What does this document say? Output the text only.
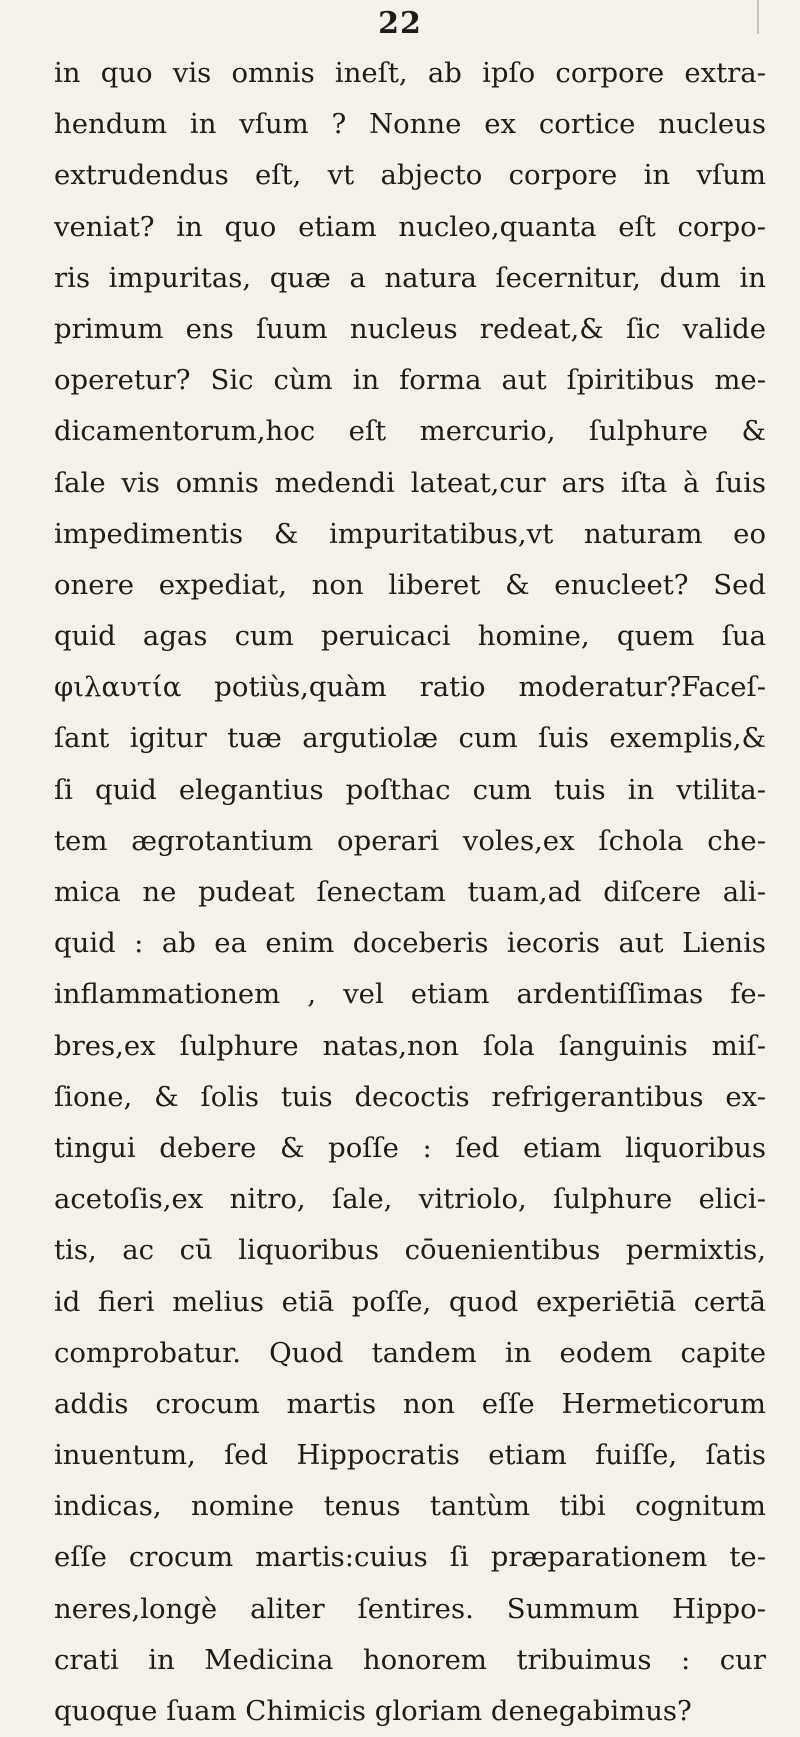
22
in quo vis omnis ineſt, ab ipſo corpore extra-
hendum in vſum ? Nonne ex cortice nucleus
extrudendus eſt, vt abjecto corpore in vſum
veniat? in quo etiam nucleo,quanta eſt corpo-
ris impuritas, quæ a natura ſecernitur, dum in
primum ens ſuum nucleus redeat,& ſic valide
operetur? Sic cùm in forma aut ſpiritibus me-
dicamentorum,hoc eſt mercurio, ſulphure &
ſale vis omnis medendi lateat,cur ars iſta à ſuis
impedimentis & impuritatibus,vt naturam eo
onere expediat, non liberet & enucleet? Sed
quid agas cum peruicaci homine, quem ſua
φιλαυτία potiùs,quàm ratio moderatur?Faceſ-
ſant igitur tuæ argutiolæ cum ſuis exemplis,&
ſi quid elegantius poſthac cum tuis in vtilita-
tem ægrotantium operari voles,ex ſchola che-
mica ne pudeat ſenectam tuam,ad diſcere ali-
quid : ab ea enim doceberis iecoris aut Lienis
inflammationem , vel etiam ardentiſſimas fe-
bres,ex ſulphure natas,non ſola ſanguinis miſ-
ſione, & ſolis tuis decoctis refrigerantibus ex-
tingui debere & poſſe : ſed etiam liquoribus
acetoſis,ex nitro, ſale, vitriolo, ſulphure elici-
tis, ac cū liquoribus cōuenientibus permixtis,
id fieri melius etiā poſſe, quod experiētiā certā
comprobatur. Quod tandem in eodem capite
addis crocum martis non eſſe Hermeticorum
inuentum, ſed Hippocratis etiam fuiſſe, ſatis
indicas, nomine tenus tantùm tibi cognitum
eſſe crocum martis:cuius ſi præparationem te-
neres,longè aliter ſentires. Summum Hippo-
crati in Medicina honorem tribuimus : cur
quoque ſuam Chimicis gloriam denegabimus?
